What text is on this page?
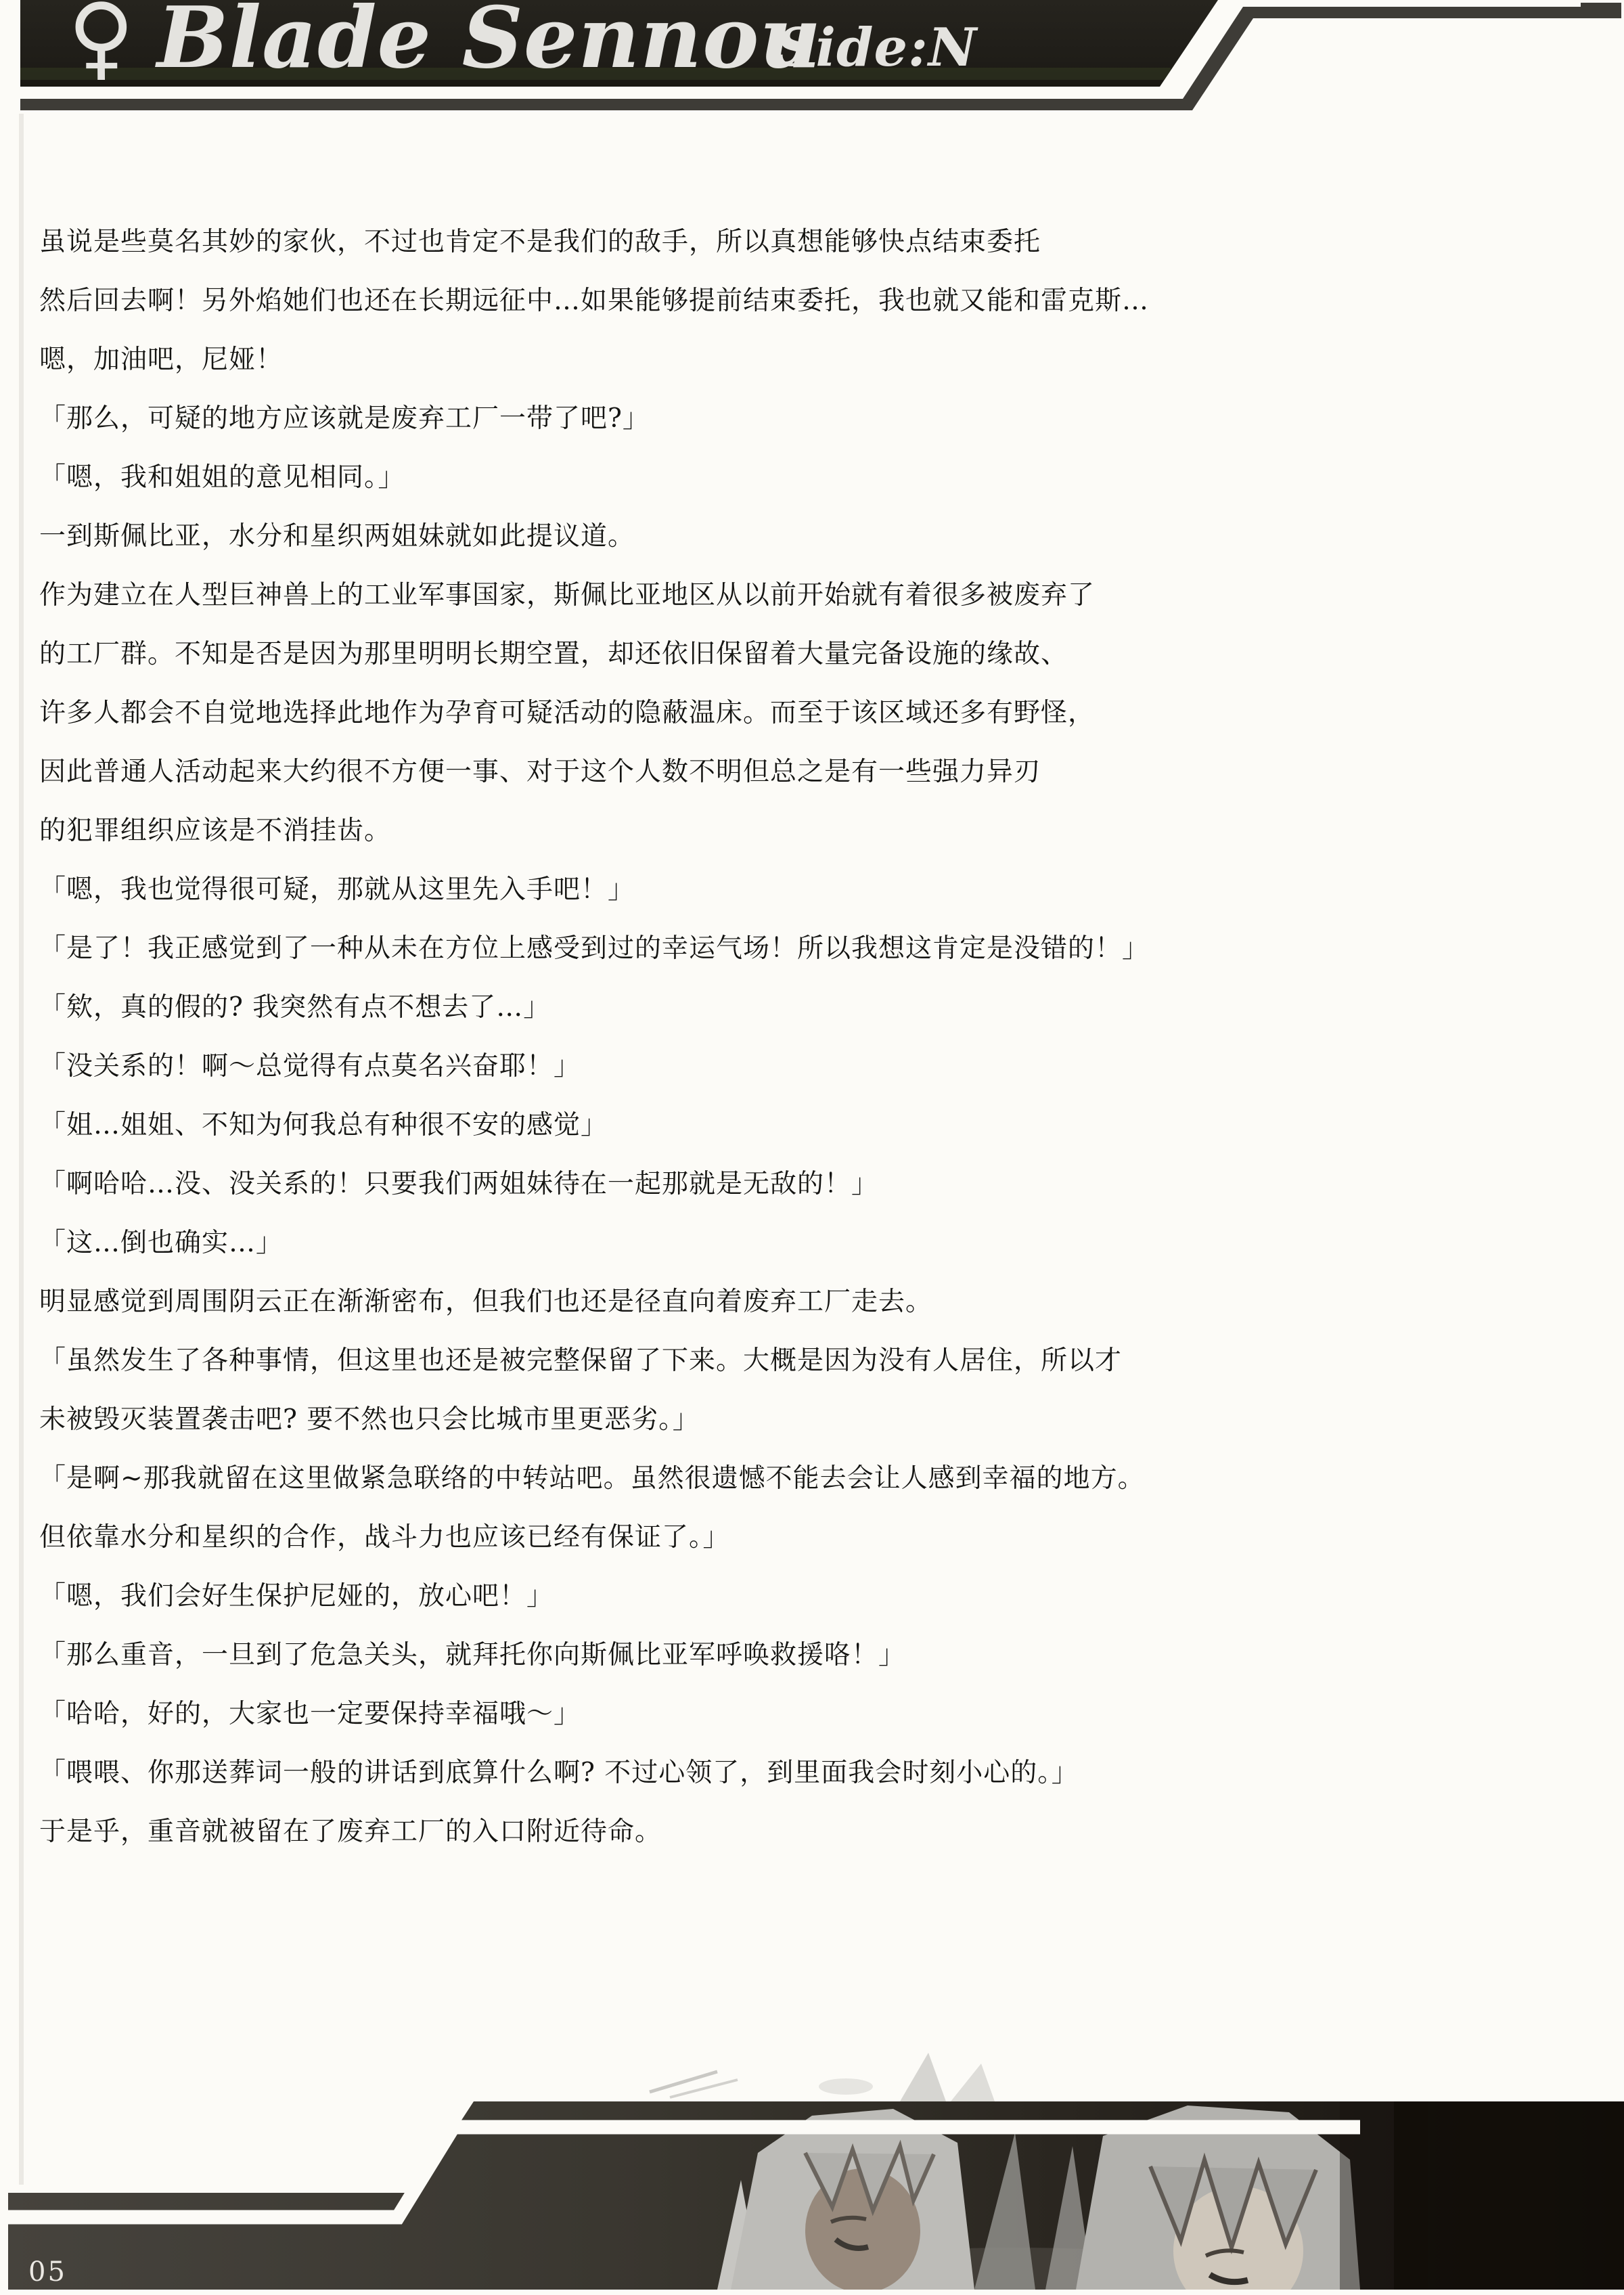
♀ Blade Sennou
Side:N
虽说是些莫名其妙的家伙，不过也肯定不是我们的敌手，所以真想能够快点结束委托
然后回去啊！另外焰她们也还在长期远征中…如果能够提前结束委托，我也就又能和雷克斯…
嗯，加油吧，尼娅！
「那么，可疑的地方应该就是废弃工厂一带了吧?」
「嗯，我和姐姐的意见相同。」
一到斯佩比亚，水分和星织两姐妹就如此提议道。
作为建立在人型巨神兽上的工业军事国家，斯佩比亚地区从以前开始就有着很多被废弃了
的工厂群。不知是否是因为那里明明长期空置，却还依旧保留着大量完备设施的缘故、
许多人都会不自觉地选择此地作为孕育可疑活动的隐蔽温床。而至于该区域还多有野怪，
因此普通人活动起来大约很不方便一事、对于这个人数不明但总之是有一些强力异刃
的犯罪组织应该是不消挂齿。
「嗯，我也觉得很可疑，那就从这里先入手吧！」
「是了！我正感觉到了一种从未在方位上感受到过的幸运气场！所以我想这肯定是没错的！」
「欸，真的假的? 我突然有点不想去了…」
「没关系的！啊～总觉得有点莫名兴奋耶！」
「姐…姐姐、不知为何我总有种很不安的感觉」
「啊哈哈…没、没关系的！只要我们两姐妹待在一起那就是无敌的！」
「这…倒也确实…」
明显感觉到周围阴云正在渐渐密布，但我们也还是径直向着废弃工厂走去。
「虽然发生了各种事情，但这里也还是被完整保留了下来。大概是因为没有人居住，所以才
未被毁灭装置袭击吧? 要不然也只会比城市里更恶劣。」
「是啊~那我就留在这里做紧急联络的中转站吧。虽然很遗憾不能去会让人感到幸福的地方。
但依靠水分和星织的合作，战斗力也应该已经有保证了。」
「嗯，我们会好生保护尼娅的，放心吧！」
「那么重音，一旦到了危急关头，就拜托你向斯佩比亚军呼唤救援咯！」
「哈哈，好的，大家也一定要保持幸福哦～」
「喂喂、你那送葬词一般的讲话到底算什么啊? 不过心领了，到里面我会时刻小心的。」
于是乎，重音就被留在了废弃工厂的入口附近待命。
05
